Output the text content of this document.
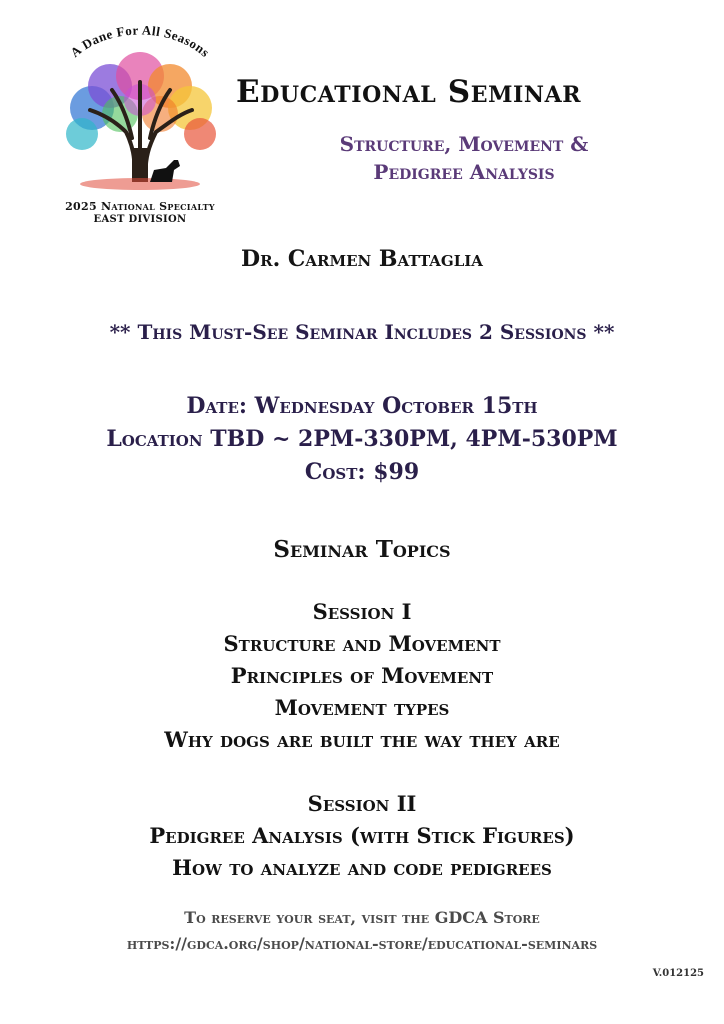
A Dane For All Seasons
2025 National Specialty
EAST DIVISION
Educational Seminar
Structure, Movement &
Pedigree Analysis
Dr. Carmen Battaglia
** This Must-See Seminar Includes 2 Sessions **
Date: Wednesday October 15th
Location TBD ~ 2PM-330PM, 4PM-530PM
Cost: $99
Seminar Topics
Session I
Structure and Movement
Principles of Movement
Movement types
Why dogs are built the way they are
Session II
Pedigree Analysis (with Stick Figures)
How to analyze and code pedigrees
To reserve your seat, visit the GDCA Store
https://gdca.org/shop/national-store/educational-seminars
V.012125
